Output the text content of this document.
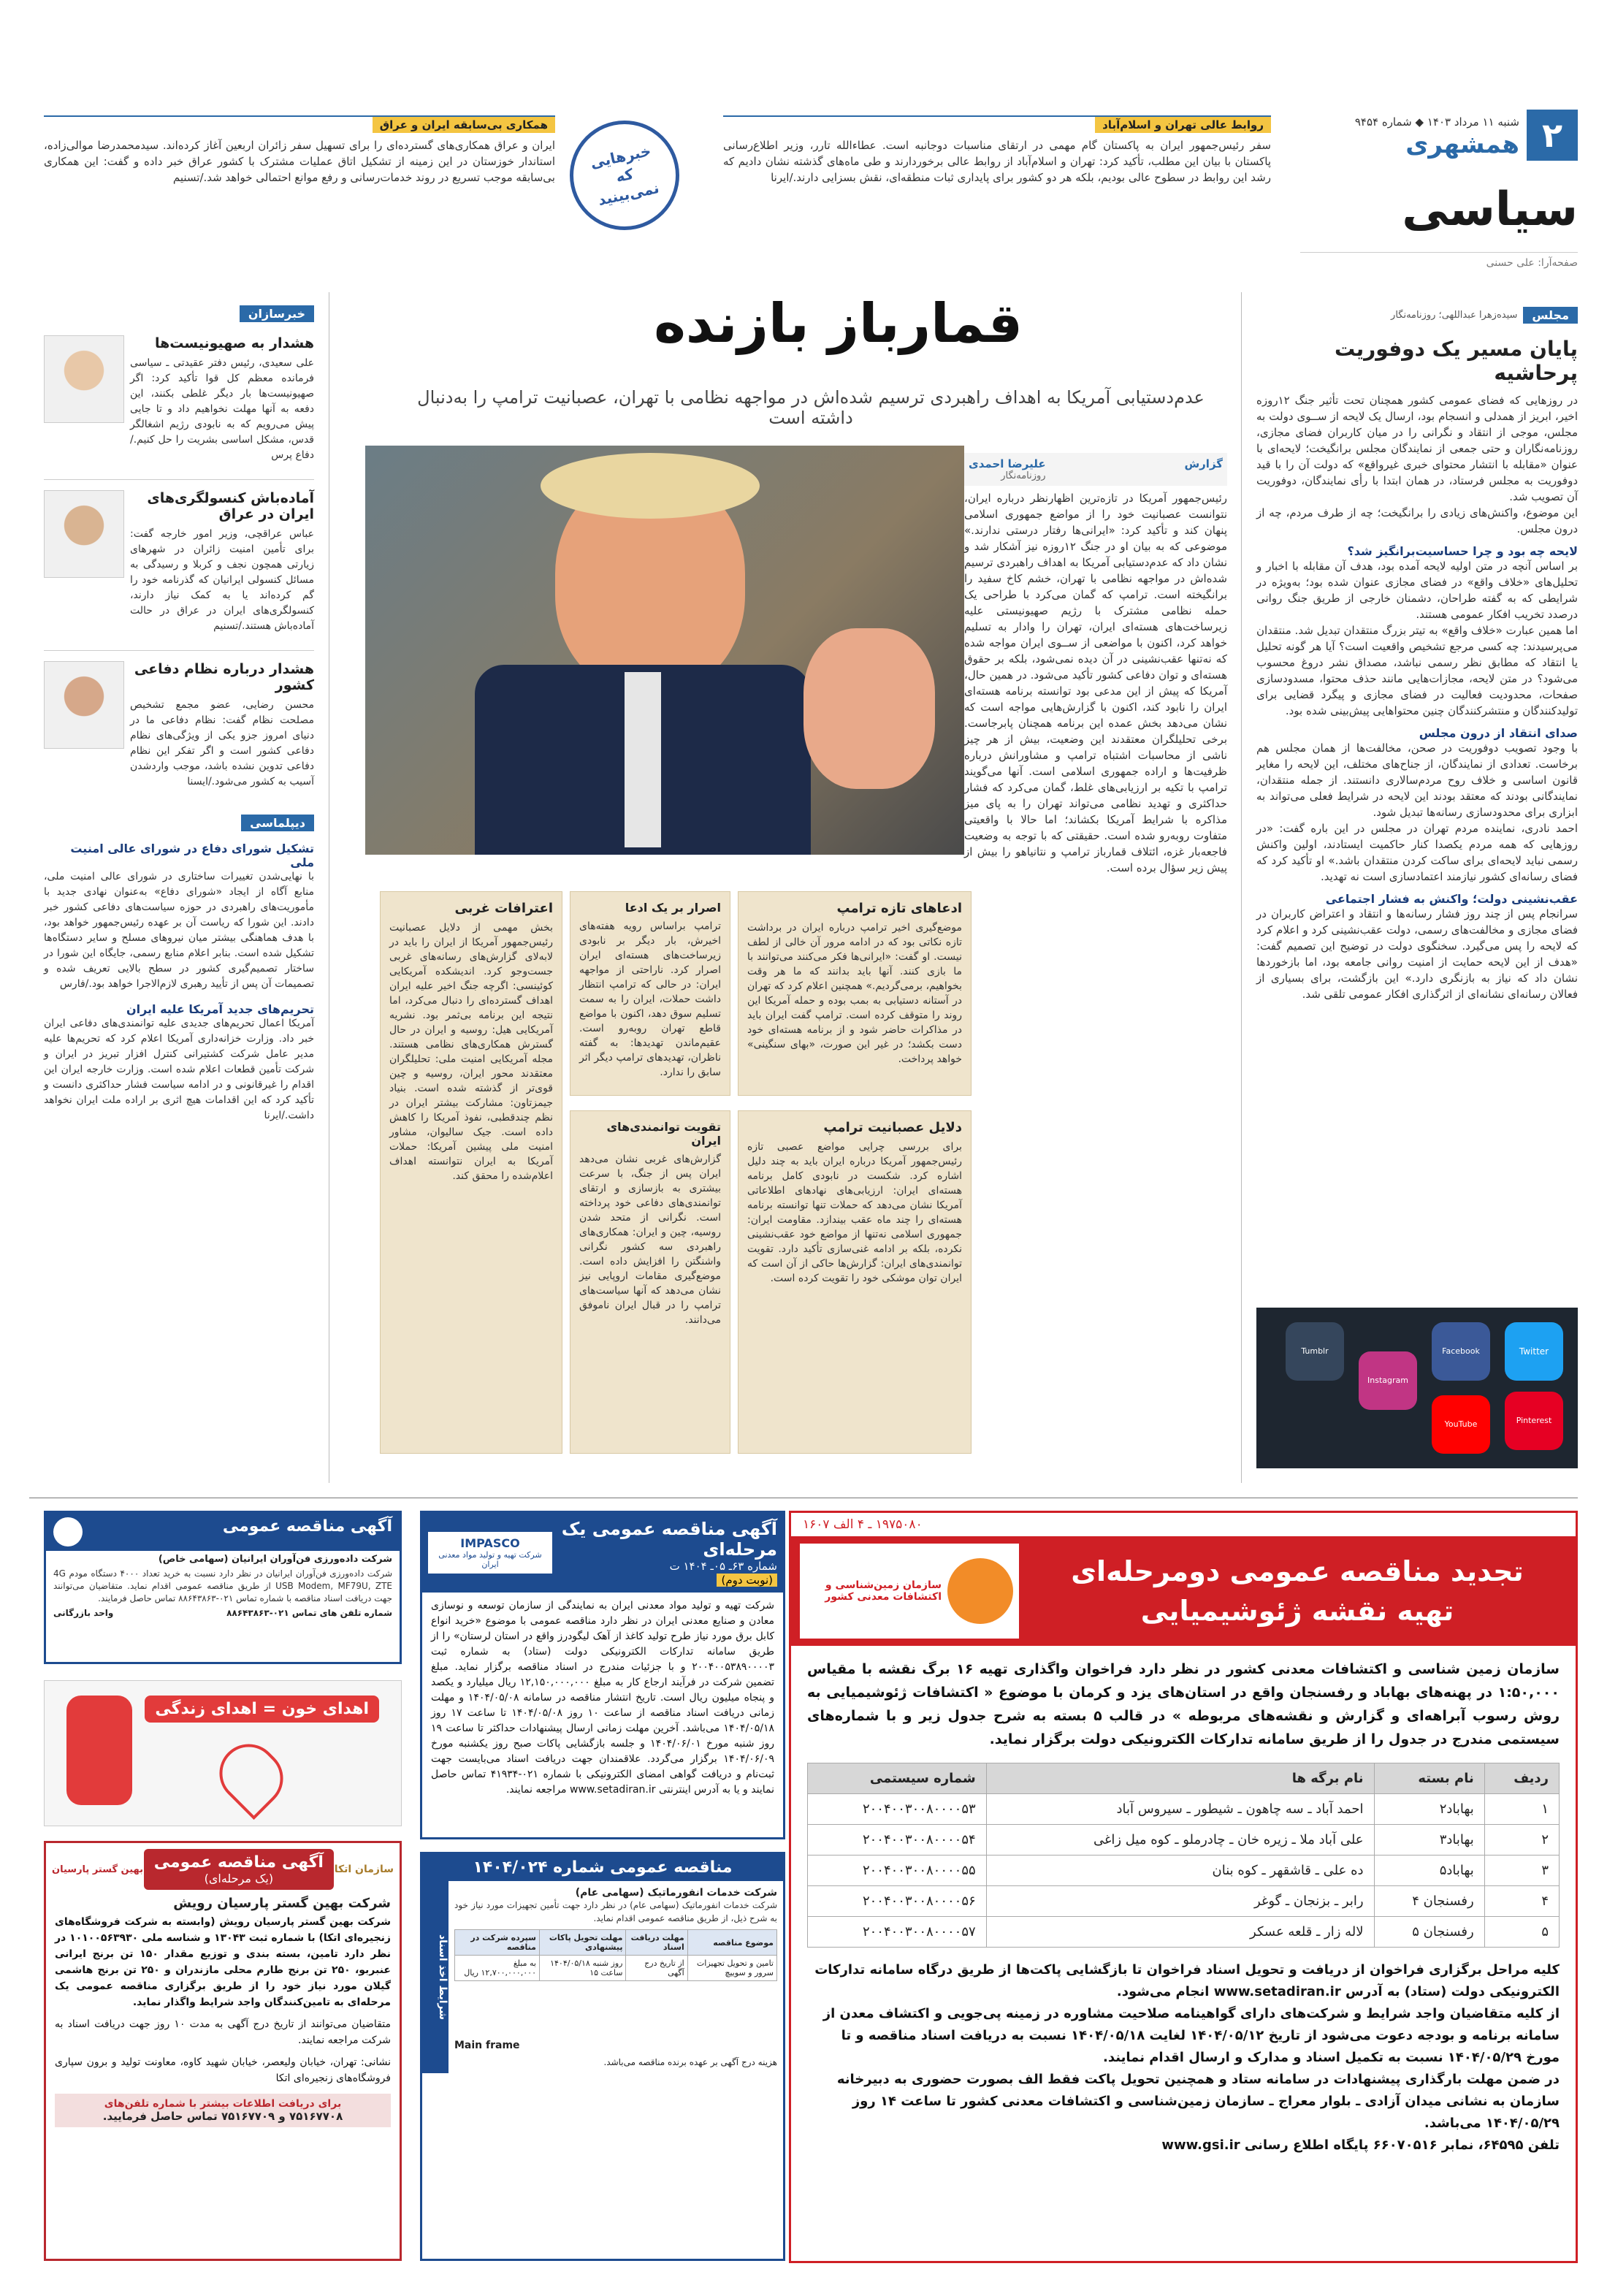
۲
شنبه ۱۱ مرداد ۱۴۰۳ ◆ شماره ۹۴۵۴
همشهری
سیاسی
صفحه‌آرا: علی حسنی
روابط عالی تهران و اسلام‌آباد
سفر رئیس‌جمهور ایران به پاکستان گام مهمی در ارتقای مناسبات دوجانبه است. عطاءالله تارر، وزیر اطلاع‌رسانی پاکستان با بیان این مطلب، تأکید کرد: تهران و اسلام‌آباد از روابط عالی برخوردارند و طی ماه‌های گذشته نشان دادیم که رشد این روابط در سطوح عالی بودیم، بلکه هر دو کشور برای پایداری ثبات منطقه‌ای، نقش بسزایی دارند./ایرنا
خبرهایی که نمی‌بینید
همکاری بی‌سابقه ایران و عراق
ایران و عراق همکاری‌های گسترده‌ای را برای تسهیل سفر زائران اربعین آغاز کرده‌اند. سیدمحمدرضا موالی‌زاده، استاندار خوزستان در این زمینه از تشکیل اتاق عملیات مشترک با کشور عراق خبر داده و گفت: این همکاری بی‌سابقه موجب تسریع در روند خدمات‌رسانی و رفع موانع احتمالی خواهد شد./تسنیم
مجلس
سیده‌زهرا عبداللهی؛ روزنامه‌نگار
پایان مسیر یک دوفوریت پرحاشیه

در روزهایی که فضای عمومی کشور همچنان تحت تأثیر جنگ ۱۲روزه اخیر، ابریز از همدلی و انسجام بود، ارسال یک لایحه از ســوی دولت به مجلس، موجی از انتقاد و نگرانی را در میان کاربران فضای مجازی، روزنامه‌نگاران و حتی جمعی از نمایندگان مجلس برانگیخت؛ لایحه‌ای با عنوان «مقابله با انتشار محتوای خبری غیرواقع» که دولت آن را با قید دوفوریت به مجلس فرستاد، در همان ابتدا با رأی نمایندگان، دوفوریت آن تصویب شد.

این موضوع، واکنش‌های زیادی را برانگیخت؛ چه از طرف مردم، چه از درون مجلس.

لایحه چه بود و چرا حساسیت‌برانگیز شد؟

بر اساس آنچه در متن اولیه لایحه آمده بود، هدف آن مقابله با اخبار و تحلیل‌های «خلاف واقع» در فضای مجازی عنوان شده بود؛ به‌ویژه در شرایطی که به گفته طراحان، دشمنان خارجی از طریق جنگ روانی درصدد تخریب افکار عمومی هستند.

اما همین عبارت «خلاف واقع» به تیتر بزرگ منتقدان تبدیل شد. منتقدان می‌پرسیدند: چه کسی مرجع تشخیص واقعیت است؟ آیا هر گونه تحلیل یا انتقاد که مطابق نظر رسمی نباشد، مصداق نشر دروغ محسوب می‌شود؟ در متن لایحه، مجازات‌هایی مانند حذف محتوا، مسدودسازی صفحات، محدودیت فعالیت در فضای مجازی و پیگرد قضایی برای تولیدکنندگان و منتشرکنندگان چنین محتواهایی پیش‌بینی شده بود.

صدای انتقاد از درون مجلس

با وجود تصویب دوفوریت در صحن، مخالفت‌ها از همان مجلس هم برخاست. تعدادی از نمایندگان، از جناح‌های مختلف، این لایحه را مغایر قانون اساسی و خلاف روح مردم‌سالاری دانستند. از جمله منتقدان، نمایندگانی بودند که معتقد بودند این لایحه در شرایط فعلی می‌تواند به ابزاری برای محدودسازی رسانه‌ها تبدیل شود.

احمد نادری، نماینده مردم تهران در مجلس در این باره گفت: «در روزهایی که همه مردم یکصدا کنار حاکمیت ایستادند، اولین واکنش رسمی نباید لایحه‌ای برای ساکت کردن منتقدان باشد.» او تأکید کرد که فضای رسانه‌ای کشور نیازمند اعتمادسازی است نه تهدید.

عقب‌نشینی دولت؛ واکنش به فشار اجتماعی

سرانجام پس از چند روز فشار رسانه‌ها و انتقاد و اعتراض کاربران در فضای مجازی و مخالفت‌های رسمی، دولت عقب‌نشینی کرد و اعلام کرد که لایحه را پس می‌گیرد. سخنگوی دولت در توضیح این تصمیم گفت: «هدف از این لایحه حمایت از امنیت روانی جامعه بود، اما بازخوردها نشان داد که نیاز به بازنگری دارد.» این بازگشت، برای بسیاری از فعالان رسانه‌ای نشانه‌ای از اثرگذاری افکار عمومی تلقی شد.

Twitter
Facebook
Instagram
Pinterest
YouTube
Tumblr
قمارباز بازنده
عدم‌دستیابی آمریکا به اهداف راهبردی ترسیم شده‌اش در مواجهه نظامی با تهران، عصبانیت ترامپ را به‌دنبال داشته است
گزارش
علیرضا احمدی
روزنامه‌نگار

رئیس‌جمهور آمریکا در تازه‌ترین اظهارنظر درباره ایران، نتوانست عصبانیت خود را از مواضع جمهوری اسلامی پنهان کند و تأکید کرد: «ایرانی‌ها رفتار درستی ندارند.» موضوعی که به بیان او در جنگ ۱۲روزه نیز آشکار شد و نشان داد که عدم‌دستیابی آمریکا به اهداف راهبردی ترسیم شده‌اش در مواجهه نظامی با تهران، خشم کاخ سفید را برانگیخته است. ترامپ که گمان می‌کرد با طراحی یک حمله نظامی مشترک با رژیم صهیونیستی علیه زیرساخت‌های هسته‌ای ایران، تهران را وادار به تسلیم خواهد کرد، اکنون با مواضعی از ســوی ایران مواجه شده که نه‌تنها عقب‌نشینی در آن دیده نمی‌شود، بلکه بر حقوق هسته‌ای و توان دفاعی کشور تأکید می‌شود. در همین حال، آمریکا که پیش از این مدعی بود توانسته برنامه هسته‌ای ایران را نابود کند، اکنون با گزارش‌هایی مواجه است که نشان می‌دهد بخش عمده این برنامه همچنان پابرجاست. برخی تحلیلگران معتقدند این وضعیت، بیش از هر چیز ناشی از محاسبات اشتباه ترامپ و مشاورانش درباره ظرفیت‌ها و اراده جمهوری اسلامی است. آنها می‌گویند ترامپ با تکیه بر ارزیابی‌های غلط، گمان می‌کرد که فشار حداکثری و تهدید نظامی می‌تواند تهران را به پای میز مذاکره با شرایط آمریکا بکشاند؛ اما حالا با واقعیتی متفاوت روبه‌رو شده است. حقیقتی که با توجه به وضعیت فاجعه‌بار غزه، ائتلاف قمارباز ترامپ و نتانیاهو را بیش از پیش زیر سؤال برده است.

ادعاهای تازه ترامپ
موضع‌گیری اخیر ترامپ درباره ایران در برداشت تازه نکاتی بود که در ادامه مرور آن خالی از لطف نیست. او گفت: «ایرانی‌ها فکر می‌کنند می‌توانند با ما بازی کنند. آنها باید بدانند که ما هر وقت بخواهیم، برمی‌گردیم.» همچنین اعلام کرد که تهران در آستانه دستیابی به بمب بوده و حمله آمریکا این روند را متوقف کرده است. ترامپ گفت ایران باید در مذاکرات حاضر شود و از برنامه هسته‌ای خود دست بکشد؛ در غیر این صورت، «بهای سنگینی» خواهد پرداخت.
اصرار بر یک ادعا
ترامپ براساس رویه هفته‌های اخیرش، بار دیگر بر نابودی زیرساخت‌های هسته‌ای ایران اصرار کرد. ناراحتی از مواجهه ایران: در حالی که ترامپ انتظار داشت حملات، ایران را به سمت تسلیم سوق دهد، اکنون با مواضع قاطع تهران روبه‌رو است. عقیم‌ماندن تهدیدها: به گفته ناظران، تهدیدهای ترامپ دیگر اثر سابق را ندارد.
دلایل عصبانیت ترامپ
برای بررسی چرایی مواضع عصبی تازه رئیس‌جمهور آمریکا درباره ایران باید به چند دلیل اشاره کرد. شکست در نابودی کامل برنامه هسته‌ای ایران: ارزیابی‌های نهادهای اطلاعاتی آمریکا نشان می‌دهد که حملات تنها توانسته برنامه هسته‌ای را چند ماه عقب بیندازد. مقاومت ایران: جمهوری اسلامی نه‌تنها از مواضع خود عقب‌نشینی نکرده، بلکه بر ادامه غنی‌سازی تأکید دارد. تقویت توانمندی‌های ایران: گزارش‌ها حاکی از آن است که ایران توان موشکی خود را تقویت کرده است.
تقویت توانمندی‌های ایران
گزارش‌های غربی نشان می‌دهد ایران پس از جنگ، با سرعت بیشتری به بازسازی و ارتقای توانمندی‌های دفاعی خود پرداخته است. نگرانی از متحد شدن روسیه، چین و ایران: همکاری‌های راهبردی سه کشور نگرانی واشنگتن را افزایش داده است. موضع‌گیری مقامات اروپایی نیز نشان می‌دهد که آنها سیاست‌های ترامپ را در قبال ایران ناموفق می‌دانند.
اعترافات غربی
بخش مهمی از دلایل عصبانیت رئیس‌جمهور آمریکا از ایران را باید در لابه‌لای گزارش‌های رسانه‌های غربی جست‌وجو کرد. اندیشکده آمریکایی کوئینسی: اگرچه جنگ اخیر علیه ایران اهداف گسترده‌ای را دنبال می‌کرد، اما نتیجه این برنامه بی‌ثمر بود. نشریه آمریکایی هیل: روسیه و ایران در حال گسترش همکاری‌های نظامی هستند. مجله آمریکایی امنیت ملی: تحلیلگران معتقدند محور ایران، روسیه و چین قوی‌تر از گذشته شده است. بنیاد جیمزتاون: مشارکت بیشتر ایران در نظم چندقطبی، نفوذ آمریکا را کاهش داده است. جیک سالیوان، مشاور امنیت ملی پیشین آمریکا: حملات آمریکا به ایران نتوانسته اهداف اعلام‌شده را محقق کند.
خبرسازان
هشدار به صهیونیست‌ها
علی سعیدی، رئیس دفتر عقیدتی ـ سیاسی فرمانده معظم کل قوا تأکید کرد: اگر صهیونیست‌ها بار دیگر غلطی بکنند، این دفعه به آنها مهلت نخواهیم داد و تا جایی پیش می‌رویم که به نابودی رژیم اشغالگر قدس، مشکل اساسی بشریت را حل کنیم./دفاع پرس
آماده‌باش کنسولگری‌های ایران در عراق
عباس عراقچی، وزیر امور خارجه گفت: برای تأمین امنیت زائران در شهرهای زیارتی همچون نجف و کربلا و رسیدگی به مسائل کنسولی ایرانیان که گذرنامه خود را گم کرده‌اند یا به کمک نیاز دارند، کنسولگری‌های ایران در عراق در حالت آماده‌باش هستند./تسنیم
هشدار درباره نظام دفاعی کشور
محسن رضایی، عضو مجمع تشخیص مصلحت نظام گفت: نظام دفاعی ما در دنیای امروز جزو یکی از ویژگی‌های نظام دفاعی کشور است و اگر تفکر این نظام دفاعی تدوین نشده باشد، موجب واردشدن آسیب به کشور می‌شود./ایسنا
دیپلماسی
تشکیل شورای دفاع در شورای عالی امنیت ملی
با نهایی‌شدن تغییرات ساختاری در شورای عالی امنیت ملی، منابع آگاه از ایجاد «شورای دفاع» به‌عنوان نهادی جدید با مأموریت‌های راهبردی در حوزه سیاست‌های دفاعی کشور خبر دادند. این شورا که ریاست آن بر عهده رئیس‌جمهور خواهد بود، با هدف هماهنگی بیشتر میان نیروهای مسلح و سایر دستگاه‌ها تشکیل شده است. بنابر اعلام منابع رسمی، جایگاه این شورا در ساختار تصمیم‌گیری کشور در سطح بالایی تعریف شده و تصمیمات آن پس از تأیید رهبری لازم‌الاجرا خواهد بود./فارس
تحریم‌های جدید آمریکا علیه ایران
آمریکا اعمال تحریم‌های جدیدی علیه توانمندی‌های دفاعی ایران خبر داد. وزارت خزانه‌داری آمریکا اعلام کرد که تحریم‌ها علیه مدیر عامل شرکت کشتیرانی کنترل افزار تبریز در ایران و شرکت تأمین قطعات اعلام شده است. وزارت خارجه ایران این اقدام را غیرقانونی و در ادامه سیاست فشار حداکثری دانست و تأکید کرد که این اقدامات هیچ اثری بر اراده ملت ایران نخواهد داشت./ایرنا
۱۹۷۵۰۸۰ ـ ۴ الف ۱۶۰۷
تجدید مناقصه عمومی دومرحله‌ای
تهیه نقشه ژئوشیمیایی
سازمان زمین‌شناسی و اکتشافات معدنی کشور

سازمان زمین شناسی و اکتشافات معدنی کشور در نظر دارد فراخوان واگذاری تهیه ۱۶ برگ نقشه با مقیاس ۱:۵۰,۰۰۰ در پهنه‌های بهاباد و رفسنجان واقع در استان‌های یزد و کرمان با موضوع « اکتشافات ژئوشیمیایی به روش رسوب آبراهه‌ای و گزارش و نقشه‌های مربوطه » در قالب ۵ بسته به شرح جدول زیر و با شماره‌های سیستمی مندرج در جدول را از طریق سامانه تدارکات الکترونیکی دولت برگزار نماید.

ردیف	نام بسته	نام برگه ها	شماره سیستمی
۱	بهاباد۲	احمد آباد ـ سه چاهون ـ شیطور ـ سیروس آباد	۲۰۰۴۰۰۳۰۰۸۰۰۰۰۵۳
۲	بهاباد۳	علی آباد ملا ـ زیره خان ـ چادرملو ـ کوه میل زاغی	۲۰۰۴۰۰۳۰۰۸۰۰۰۰۵۴
۳	بهاباد۵	ده علی ـ قاشقهر ـ کوه بنان	۲۰۰۴۰۰۳۰۰۸۰۰۰۰۵۵
۴	رفسنجان ۴	رابر ـ بزنجان ـ گوغر	۲۰۰۴۰۰۳۰۰۸۰۰۰۰۵۶
۵	رفسنجان ۵	لاله زار ـ قلعه عسکر	۲۰۰۴۰۰۳۰۰۸۰۰۰۰۵۷

کلیه مراحل برگزاری فراخوان از دریافت و تحویل اسناد فراخوان تا بازگشایی پاکت‌ها از طریق درگاه سامانه تدارکات الکترونیکی دولت (ستاد) به آدرس www.setadiran.ir انجام می‌شود.

از کلیه متقاضیان واجد شرایط و شرکت‌های دارای گواهینامه صلاحیت مشاوره در زمینه پی‌جویی و اکتشاف معدن از سامانه برنامه و بودجه دعوت می‌شود از تاریخ ۱۴۰۴/۰۵/۱۲ لغایت ۱۴۰۴/۰۵/۱۸ نسبت به دریافت اسناد مناقصه و تا مورخ ۱۴۰۴/۰۵/۲۹ نسبت به تکمیل اسناد و مدارک و ارسال اقدام نمایند.

در ضمن مهلت بارگذاری پیشنهادات در سامانه ستاد و همچنین تحویل پاکت فقط الف بصورت حضوری به دبیرخانه سازمان به نشانی میدان آزادی ـ بلوار معراج ـ سازمان زمین‌شناسی و اکتشافات معدنی کشور تا ساعت ۱۴ روز ۱۴۰۴/۰۵/۲۹ می‌باشد.

تلفن ۶۴۵۹۵، نمابر ۶۶۰۷۰۵۱۶ پایگاه اطلاع رسانی www.gsi.ir

آگهی مناقصه عمومی یک مرحله‌ای
شماره ۶۳ـ ۰۵ـ ۱۴۰۴ ت
(نوبت دوم)
IMPASCO
شرکت تهیه و تولید مواد معدنی ایران

شرکت تهیه و تولید مواد معدنی ایران به نمایندگی از سازمان توسعه و نوسازی معادن و صنایع معدنی ایران در نظر دارد مناقصه عمومی با موضوع «خرید انواع کابل برق مورد نیاز طرح تولید کاغذ از آهک لیگودرز واقع در استان لرستان» را از طریق سامانه تدارکات الکترونیکی دولت (ستاد) به شماره ثبت ۲۰۰۴۰۰۵۳۸۹۰۰۰۰۳ و با جزئیات مندرج در اسناد مناقصه برگزار نماید. مبلغ تضمین شرکت در فرآیند ارجاع کار به مبلغ ۱۲,۱۵۰,۰۰۰,۰۰۰ ریال میلیارد و یکصد و پنجاه میلیون ریال است. تاریخ انتشار مناقصه در سامانه ۱۴۰۴/۰۵/۰۸ و مهلت زمانی دریافت اسناد مناقصه از ساعت ۱۰ روز ۱۴۰۴/۰۵/۰۸ تا ساعت ۱۷ روز ۱۴۰۴/۰۵/۱۸ می‌باشد. آخرین مهلت زمانی ارسال پیشنهادات حداکثر تا ساعت ۱۹ روز شنبه مورخ ۱۴۰۴/۰۶/۰۱ و جلسه بازگشایی پاکات صبح روز یکشنبه مورخ ۱۴۰۴/۰۶/۰۹ برگزار می‌گردد. علاقمندان جهت دریافت اسناد می‌بایست جهت ثبت‌نام و دریافت گواهی امضای الکترونیکی با شماره ۰۲۱-۴۱۹۳۴ تماس حاصل نمایند و یا به آدرس اینترنتی www.setadiran.ir مراجعه نمایند.

آگهی مناقصه عمومی
شرکت داده‌ورزی فن‌آوران ایرانیان (سهامی خاص)

شرکت داده‌ورزی فن‌آوران ایرانیان در نظر دارد نسبت به خرید تعداد ۴۰۰۰ دستگاه مودم 4G USB Modem, MF79U, ZTE از طریق مناقصه عمومی اقدام نماید. متقاضیان می‌توانند جهت دریافت اسناد مناقصه با شماره تماس ۰۲۱-۸۸۶۴۳۸۶۳ تماس حاصل فرمایند.

شماره تلفن های تماس ۰۲۱-۸۸۶۴۳۸۶۳
واحد بازرگانی
اهدای خون = اهدای زندگی
مناقصه عمومی شماره ۱۴۰۴/۰۲۴
شرکت خدمات انفورماتیک (سهامی عام)

شرکت خدمات انفورماتیک (سهامی عام) در نظر دارد جهت تأمین تجهیزات مورد نیاز خود به شرح ذیل، از طریق مناقصه عمومی اقدام نماید.

موضوع مناقصه	مهلت دریافت اسناد	مهلت تحویل پاکات پیشنهادی	سپرده شرکت در مناقصه
تامین و تحویل تجهیزات سرور و سوییچ	از تاریخ درج آگهی	روز شنبه ۱۴۰۴/۰۵/۱۸ ساعت ۱۵	به مبلغ ۱۲,۷۰۰,۰۰۰,۰۰۰ ریال
Main frame
هزینه درج آگهی بر عهده برنده مناقصه می‌باشد.
شرایط اخذ اسناد
سازمان اتکا
آگهی مناقصه عمومی
(یک مرحله‌ای)
بهین گستر پارسیان
شرکت بهین گستر پارسیان رویش

شرکت بهین گستر پارسیان رویش (وابسته به شرکت فروشگاه‌های زنجیره‌ای اتکا) با شماره ثبت ۱۳۰۴۳ و شناسه ملی ۱۰۱۰۰۵۶۳۹۳۰ در نظر دارد تامین، بسته بندی و توزیع مقدار ۱۵۰ تن برنج ایرانی عنبربو، ۲۵۰ تن برنج طارم محلی مازندران و ۲۵۰ تن برنج هاشمی گیلان مورد نیاز خود را از طریق برگزاری مناقصه عمومی یک مرحله‌ای به تامین‌کنندگان واجد شرایط واگذار نماید.

متقاضیان می‌توانند از تاریخ درج آگهی به مدت ۱۰ روز جهت دریافت اسناد به شرکت مراجعه نمایند.

نشانی: تهران، خیابان ولیعصر، خیابان شهید کاوه، معاونت تولید و برون سپاری فروشگاه‌های زنجیره‌ای اتکا

برای دریافت اطلاعات بیشتر با شماره تلفن‌های
۷۵۱۶۷۷۰۸ و ۷۵۱۶۷۷۰۹ تماس حاصل فرمایید.
